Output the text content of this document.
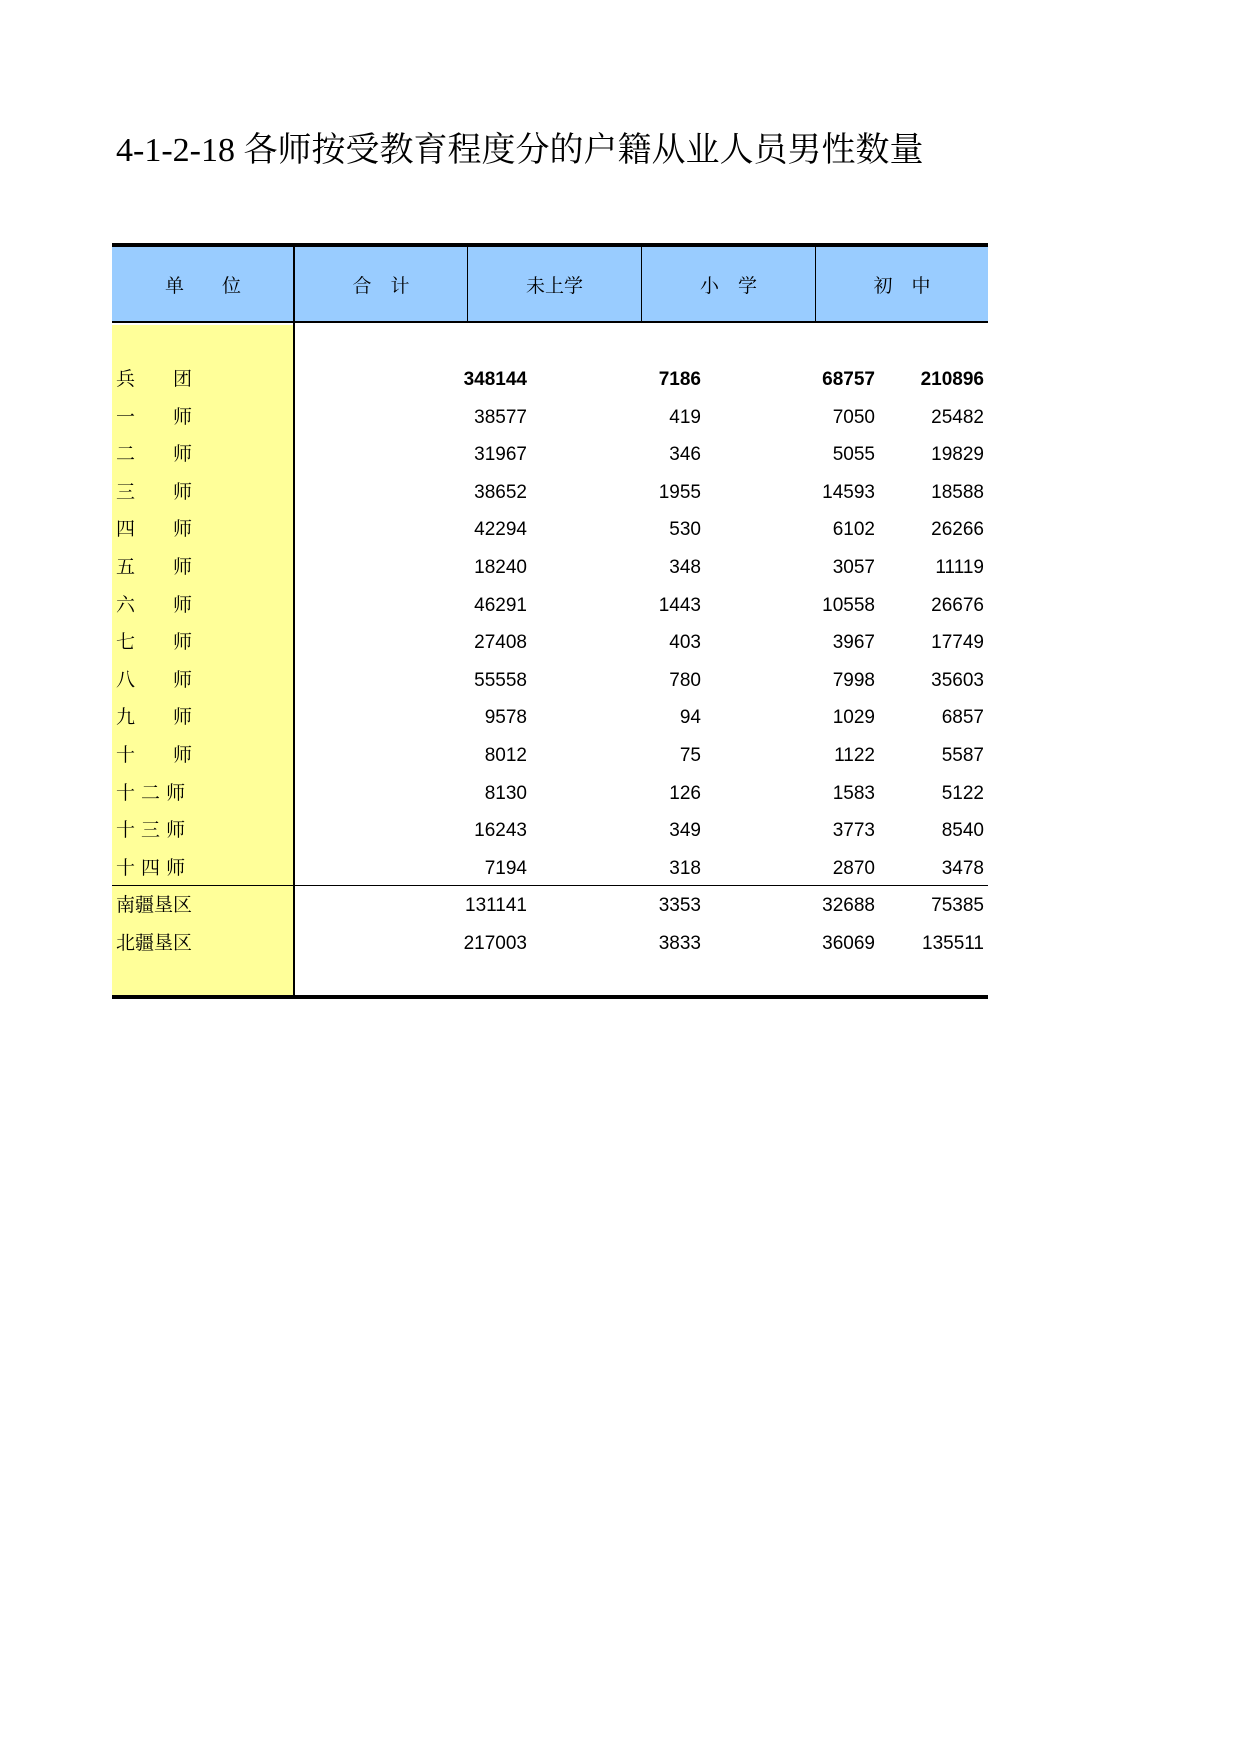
4-1-2-18 各师按受教育程度分的户籍从业人员男性数量
单　　位	合　计	未上学	小　学	初　中
兵　　团	348144	7186	68757	210896
一　　师	38577	419	7050	25482
二　　师	31967	346	5055	19829
三　　师	38652	1955	14593	18588
四　　师	42294	530	6102	26266
五　　师	18240	348	3057	11119
六　　师	46291	1443	10558	26676
七　　师	27408	403	3967	17749
八　　师	55558	780	7998	35603
九　　师	9578	94	1029	6857
十　　师	8012	75	1122	5587
十 二 师	8130	126	1583	5122
十 三 师	16243	349	3773	8540
十 四 师	7194	318	2870	3478
南疆垦区	131141	3353	32688	75385
北疆垦区	217003	3833	36069	135511
